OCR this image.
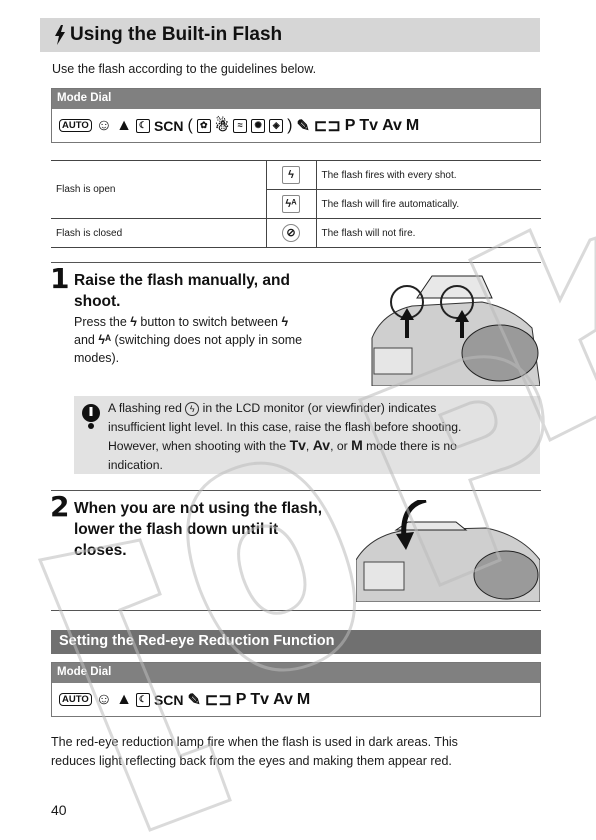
Using the Built-in Flash
Use the flash according to the guidelines below.
Mode Dial
AUTO ☺ ▲ ☾ SCN ( ✿ ☃ ≈	✺	◈ ) ✎ ⊏⊐ P Tv Av M
Flash is open	ϟ	The flash fires with every shot.
	ϟᴬ	The flash will fire automatically.
Flash is closed	⊘	The flash will not fire.
1 Raise the flash manually, and
shoot.
Press the ϟ button to switch between ϟ
and ϟᴬ (switching does not apply in some
modes).
A flashing red ϟ in the LCD monitor (or viewfinder) indicates
insufficient light level. In this case, raise the flash before shooting.
However, when shooting with the Tv, Av, or M mode there is no
indication.
2 When you are not using the flash,
lower the flash down until it
closes.
Setting the Red-eye Reduction Function
Mode Dial
AUTO ☺ ▲ ☾ SCN ✎ ⊏⊐ P Tv Av M
The red-eye reduction lamp fire when the flash is used in dark areas. This
reduces light reflecting back from the eyes and making them appear red.
40
